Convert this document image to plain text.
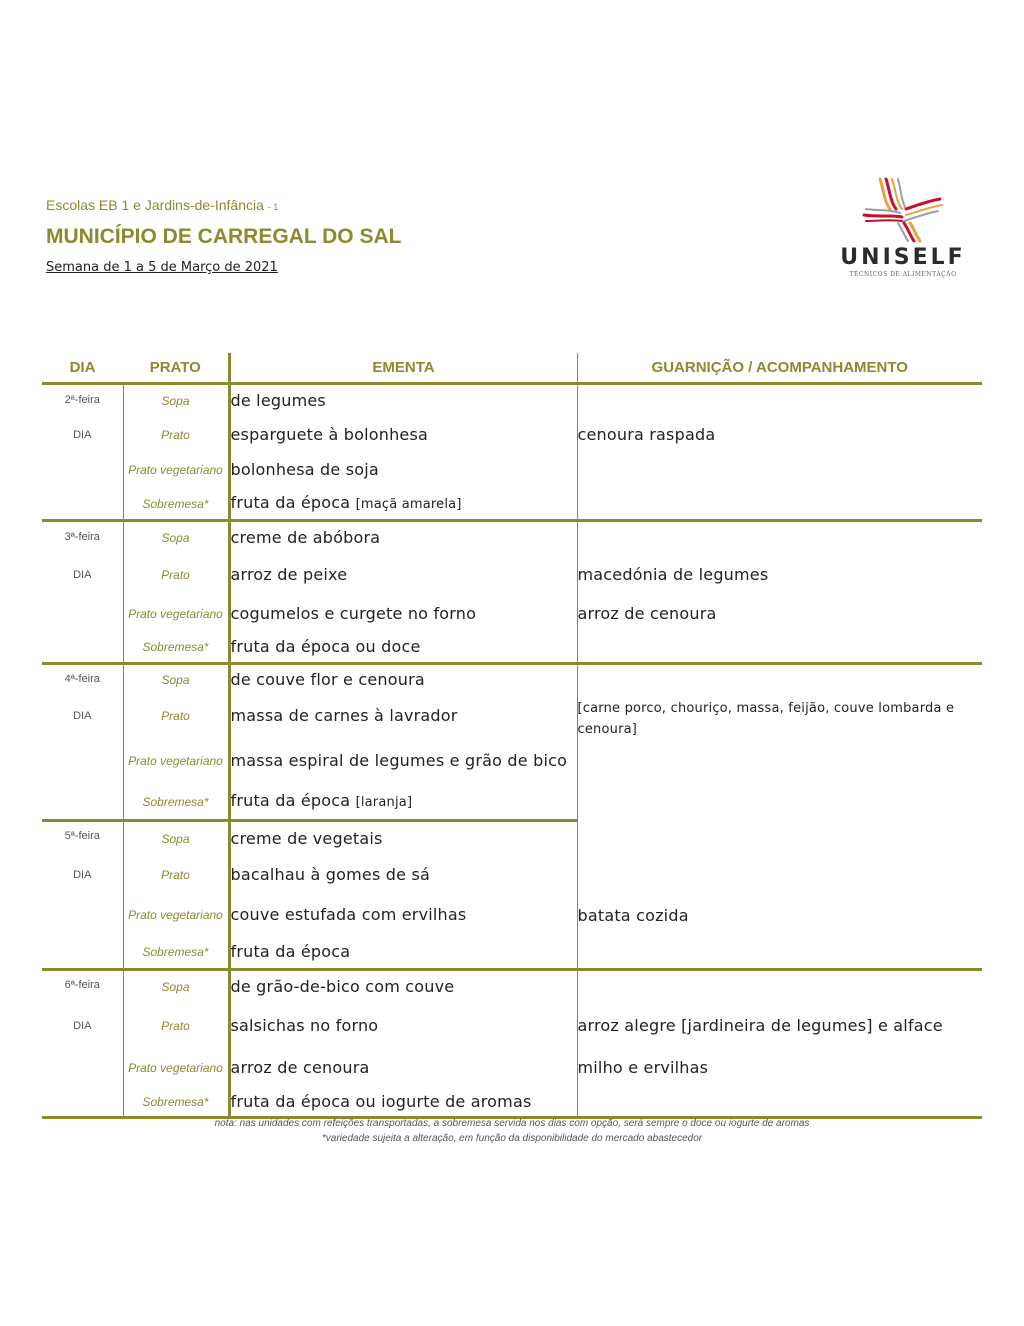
Escolas EB 1 e Jardins-de-Infância - 1
MUNICÍPIO DE CARREGAL DO SAL
Semana de 1 a 5 de Março de 2021	UNISELF
TÉCNICOS DE ALIMENTAÇÃO
DIA	PRATO	EMENTA	GUARNIÇÃO / ACOMPANHAMENTO
2ª-feira	Sopa	de legumes	
DIA	Prato	esparguete à bolonhesa	cenoura raspada
	Prato vegetariano	bolonhesa de soja	
	Sobremesa*	fruta da época [maçã amarela]	
3ª-feira	Sopa	creme de abóbora	
DIA	Prato	arroz de peixe	macedónia de legumes
	Prato vegetariano	cogumelos e curgete no forno	arroz de cenoura
	Sobremesa*	fruta da época ou doce	
4ª-feira	Sopa	de couve flor e cenoura	
DIA	Prato	massa de carnes à lavrador	[carne porco, chouriço, massa, feijão, couve lombarda e cenoura]
	Prato vegetariano	massa espiral de legumes e grão de bico	
	Sobremesa*	fruta da época [laranja]	
5ª-feira	Sopa	creme de vegetais	
DIA	Prato	bacalhau à gomes de sá	
	Prato vegetariano	couve estufada com ervilhas	batata cozida
	Sobremesa*	fruta da época	
6ª-feira	Sopa	de grão-de-bico com couve	
DIA	Prato	salsichas no forno	arroz alegre [jardineira de legumes] e alface
	Prato vegetariano	arroz de cenoura	milho e ervilhas
	Sobremesa*	fruta da época ou iogurte de aromas	
nota: nas unidades com refeições transportadas, a sobremesa servida nos dias com opção, será sempre o doce ou iogurte de aromas
*variedade sujeita a alteração, em função da disponibilidade do mercado abastecedor
